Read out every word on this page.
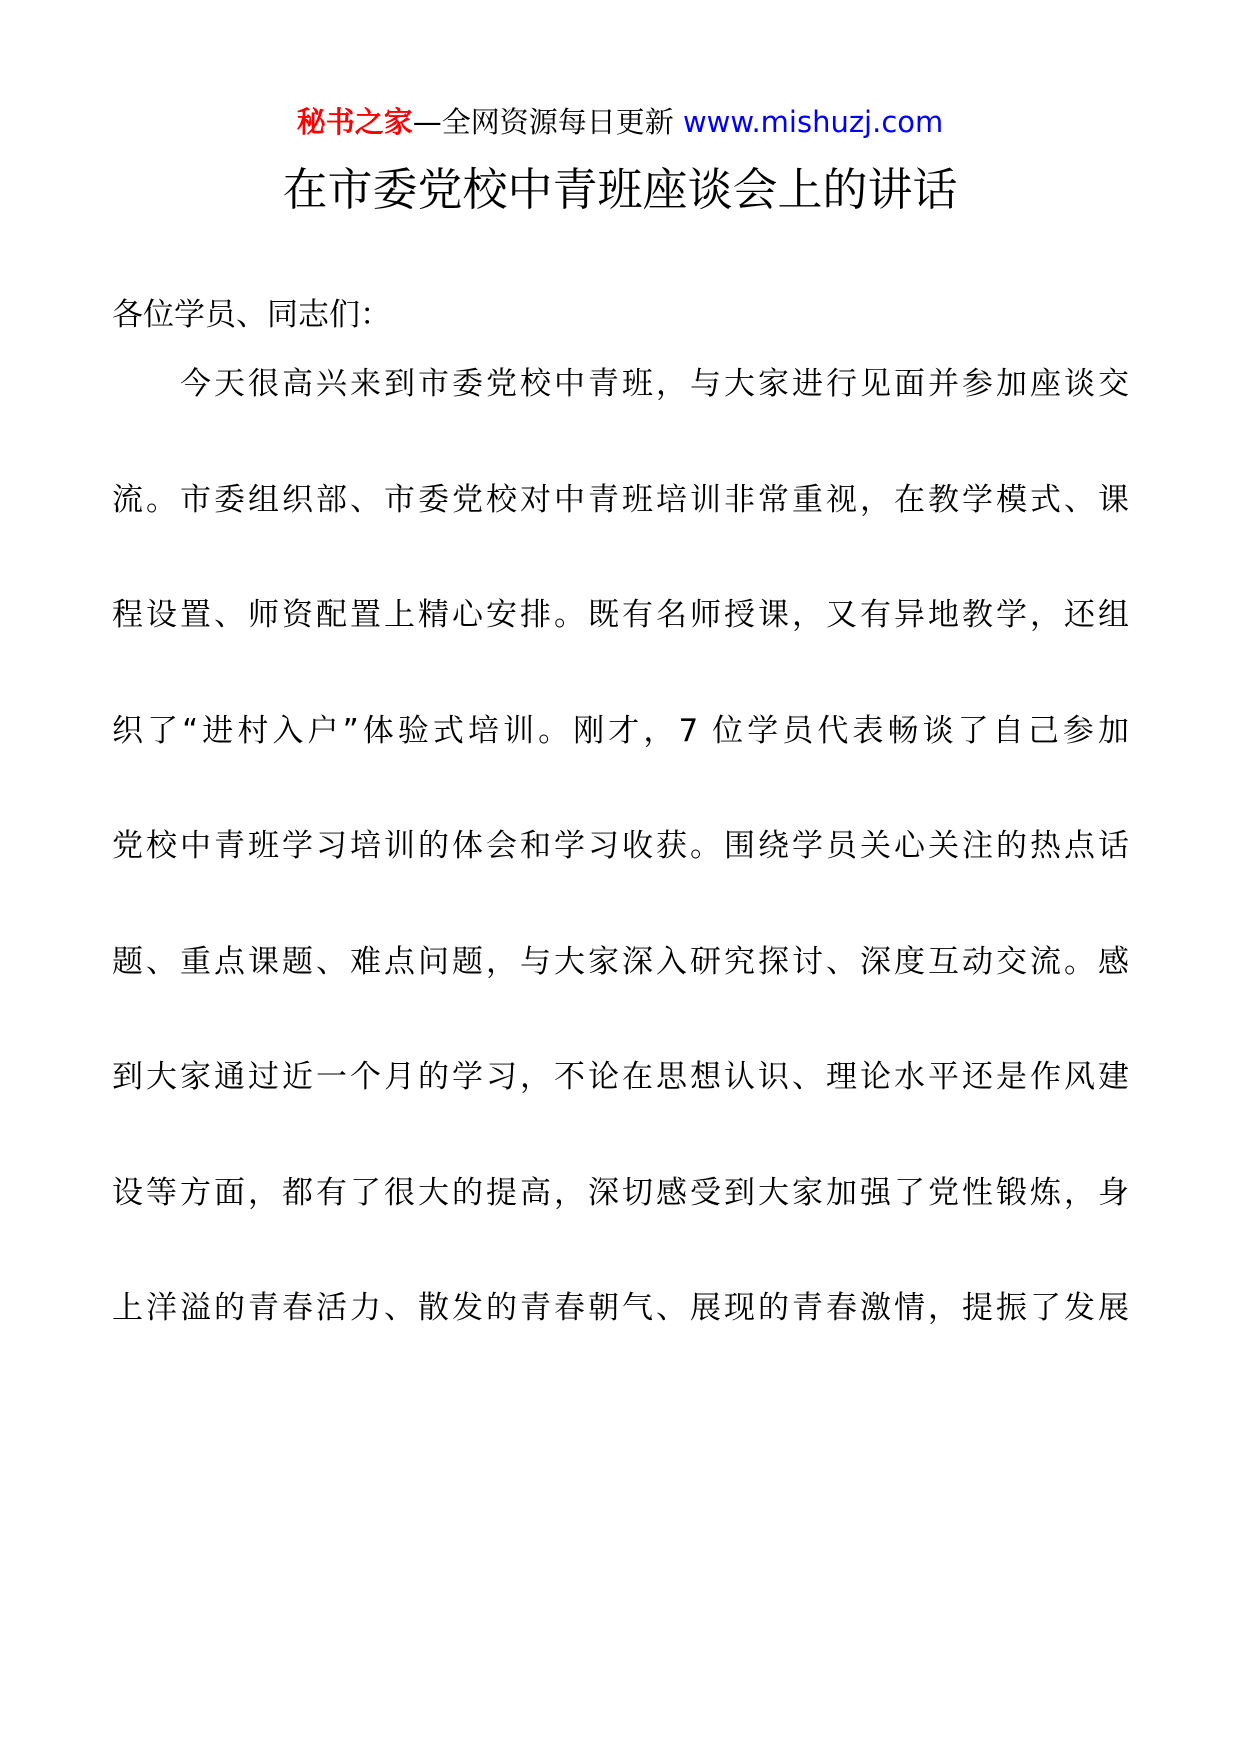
秘书之家—全网资源每日更新 www.mishuzj.com
在市委党校中青班座谈会上的讲话

各位学员、同志们：

今天很高兴来到市委党校中青班，与大家进行见面并参加座谈交

流。市委组织部、市委党校对中青班培训非常重视，在教学模式、课

程设置、师资配置上精心安排。既有名师授课，又有异地教学，还组

织了“进村入户”体验式培训。刚才，7 位学员代表畅谈了自己参加

党校中青班学习培训的体会和学习收获。围绕学员关心关注的热点话

题、重点课题、难点问题，与大家深入研究探讨、深度互动交流。感

到大家通过近一个月的学习，不论在思想认识、理论水平还是作风建

设等方面，都有了很大的提高，深切感受到大家加强了党性锻炼，身

上洋溢的青春活力、散发的青春朝气、展现的青春激情，提振了发展
